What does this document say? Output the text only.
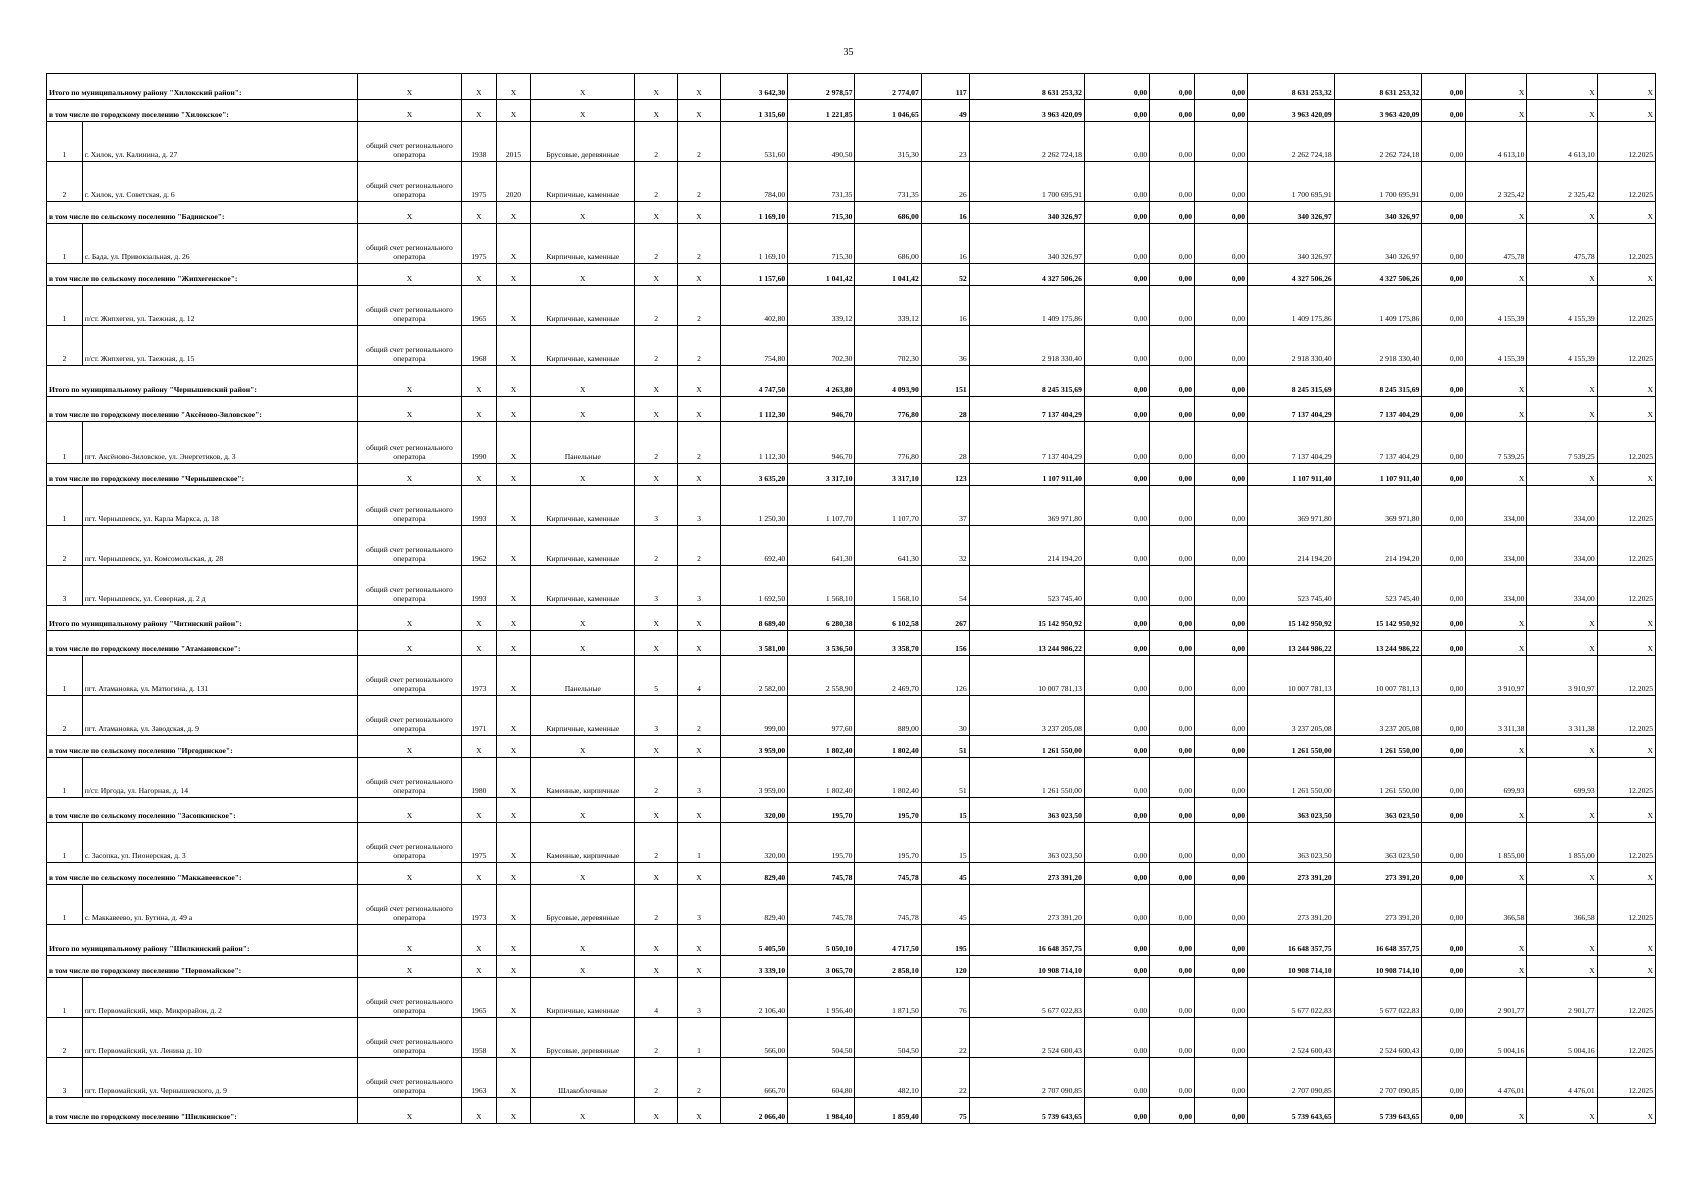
35
Итого по муниципальному району "Хилокский район":		X	X	X	X	X	X	3 642,30	2 978,57	2 774,07	117	8 631 253,32	0,00	0,00	0,00	8 631 253,32	8 631 253,32	0,00	X	X	X
в том числе по городскому поселению "Хилокское":		X	X	X	X	X	X	1 315,60	1 221,85	1 046,65	49	3 963 420,09	0,00	0,00	0,00	3 963 420,09	3 963 420,09	0,00	X	X	X
1	г. Хилок, ул. Калинина, д. 27	общий счет регионального оператора	1938	2015	Брусовые, деревянные	2	2	531,60	490,50	315,30	23	2 262 724,18	0,00	0,00	0,00	2 262 724,18	2 262 724,18	0,00	4 613,10	4 613,10	12.2025
2	г. Хилок, ул. Советская, д. 6	общий счет регионального оператора	1975	2020	Кирпичные, каменные	2	2	784,00	731,35	731,35	26	1 700 695,91	0,00	0,00	0,00	1 700 695,91	1 700 695,91	0,00	2 325,42	2 325,42	12.2025
в том числе по сельскому поселению "Бадинское":		X	X	X	X	X	X	1 169,10	715,30	686,00	16	340 326,97	0,00	0,00	0,00	340 326,97	340 326,97	0,00	X	X	X
1	с. Бада, ул. Привокзальная, д. 26	общий счет регионального оператора	1975	X	Кирпичные, каменные	2	2	1 169,10	715,30	686,00	16	340 326,97	0,00	0,00	0,00	340 326,97	340 326,97	0,00	475,78	475,78	12.2025
в том числе по сельскому поселению "Жипхегенское":		X	X	X	X	X	X	1 157,60	1 041,42	1 041,42	52	4 327 506,26	0,00	0,00	0,00	4 327 506,26	4 327 506,26	0,00	X	X	X
1	п/ст. Жипхеген, ул. Таежная, д. 12	общий счет регионального оператора	1965	X	Кирпичные, каменные	2	2	402,80	339,12	339,12	16	1 409 175,86	0,00	0,00	0,00	1 409 175,86	1 409 175,86	0,00	4 155,39	4 155,39	12.2025
2	п/ст. Жипхеген, ул. Таежная, д. 15	общий счет регионального оператора	1968	X	Кирпичные, каменные	2	2	754,80	702,30	702,30	36	2 918 330,40	0,00	0,00	0,00	2 918 330,40	2 918 330,40	0,00	4 155,39	4 155,39	12.2025
Итого по муниципальному району "Чернышевский район":		X	X	X	X	X	X	4 747,50	4 263,80	4 093,90	151	8 245 315,69	0,00	0,00	0,00	8 245 315,69	8 245 315,69	0,00	X	X	X
в том числе по городскому поселению "Аксёново-Зиловское":		X	X	X	X	X	X	1 112,30	946,70	776,80	28	7 137 404,29	0,00	0,00	0,00	7 137 404,29	7 137 404,29	0,00	X	X	X
1	пгт. Аксёново-Зиловское, ул. Энергетиков, д. 3	общий счет регионального оператора	1990	X	Панельные	2	2	1 112,30	946,70	776,80	28	7 137 404,29	0,00	0,00	0,00	7 137 404,29	7 137 404,29	0,00	7 539,25	7 539,25	12.2025
в том числе по городскому поселению "Чернышевское":		X	X	X	X	X	X	3 635,20	3 317,10	3 317,10	123	1 107 911,40	0,00	0,00	0,00	1 107 911,40	1 107 911,40	0,00	X	X	X
1	пгт. Чернышевск, ул. Карла Маркса, д. 18	общий счет регионального оператора	1993	X	Кирпичные, каменные	3	3	1 250,30	1 107,70	1 107,70	37	369 971,80	0,00	0,00	0,00	369 971,80	369 971,80	0,00	334,00	334,00	12.2025
2	пгт. Чернышевск, ул. Комсомольская, д. 28	общий счет регионального оператора	1962	X	Кирпичные, каменные	2	2	692,40	641,30	641,30	32	214 194,20	0,00	0,00	0,00	214 194,20	214 194,20	0,00	334,00	334,00	12.2025
3	пгт. Чернышевск, ул. Северная, д. 2 д	общий счет регионального оператора	1993	X	Кирпичные, каменные	3	3	1 692,50	1 568,10	1 568,10	54	523 745,40	0,00	0,00	0,00	523 745,40	523 745,40	0,00	334,00	334,00	12.2025
Итого по муниципальному району "Читинский район":		X	X	X	X	X	X	8 689,40	6 280,38	6 102,58	267	15 142 950,92	0,00	0,00	0,00	15 142 950,92	15 142 950,92	0,00	X	X	X
в том числе по городскому поселению "Атамановское":		X	X	X	X	X	X	3 581,00	3 536,50	3 358,70	156	13 244 986,22	0,00	0,00	0,00	13 244 986,22	13 244 986,22	0,00	X	X	X
1	пгт. Атамановка, ул. Матюгина, д. 131	общий счет регионального оператора	1973	X	Панельные	5	4	2 582,00	2 558,90	2 469,70	126	10 007 781,13	0,00	0,00	0,00	10 007 781,13	10 007 781,13	0,00	3 910,97	3 910,97	12.2025
2	пгт. Атамановка, ул. Заводская, д. 9	общий счет регионального оператора	1971	X	Кирпичные, каменные	3	2	999,00	977,60	889,00	30	3 237 205,08	0,00	0,00	0,00	3 237 205,08	3 237 205,08	0,00	3 311,38	3 311,38	12.2025
в том числе по сельскому поселению "Иргодинское":		X	X	X	X	X	X	3 959,00	1 802,40	1 802,40	51	1 261 550,00	0,00	0,00	0,00	1 261 550,00	1 261 550,00	0,00	X	X	X
1	п/ст. Иргода, ул. Нагорная, д. 14	общий счет регионального оператора	1980	X	Каменные, кирпичные	2	3	3 959,00	1 802,40	1 802,40	51	1 261 550,00	0,00	0,00	0,00	1 261 550,00	1 261 550,00	0,00	699,93	699,93	12.2025
в том числе по сельскому поселению "Засопкинское":		X	X	X	X	X	X	320,00	195,70	195,70	15	363 023,50	0,00	0,00	0,00	363 023,50	363 023,50	0,00	X	X	X
1	с. Засопка, ул. Пионерская, д. 3	общий счет регионального оператора	1975	X	Каменные, кирпичные	2	1	320,00	195,70	195,70	15	363 023,50	0,00	0,00	0,00	363 023,50	363 023,50	0,00	1 855,00	1 855,00	12.2025
в том числе по сельскому поселению "Маккавеевское":		X	X	X	X	X	X	829,40	745,78	745,78	45	273 391,20	0,00	0,00	0,00	273 391,20	273 391,20	0,00	X	X	X
1	с. Маккавеево, ул. Бутина, д. 49 а	общий счет регионального оператора	1973	X	Брусовые, деревянные	2	3	829,40	745,78	745,78	45	273 391,20	0,00	0,00	0,00	273 391,20	273 391,20	0,00	366,58	366,58	12.2025
Итого по муниципальному району "Шилкинский район":		X	X	X	X	X	X	5 405,50	5 050,10	4 717,50	195	16 648 357,75	0,00	0,00	0,00	16 648 357,75	16 648 357,75	0,00	X	X	X
в том числе по городскому поселению "Первомайское":		X	X	X	X	X	X	3 339,10	3 065,70	2 858,10	120	10 908 714,10	0,00	0,00	0,00	10 908 714,10	10 908 714,10	0,00	X	X	X
1	пгт. Первомайский, мкр. Микрорайон, д. 2	общий счет регионального оператора	1965	X	Кирпичные, каменные	4	3	2 106,40	1 956,40	1 871,50	76	5 677 022,83	0,00	0,00	0,00	5 677 022,83	5 677 022,83	0,00	2 901,77	2 901,77	12.2025
2	пгт. Первомайский, ул. Ленина д. 10	общий счет регионального оператора	1958	X	Брусовые, деревянные	2	1	566,00	504,50	504,50	22	2 524 600,43	0,00	0,00	0,00	2 524 600,43	2 524 600,43	0,00	5 004,16	5 004,16	12.2025
3	пгт. Первомайский, ул. Чернышевского, д. 9	общий счет регионального оператора	1963	X	Шлакоблочные	2	2	666,70	604,80	482,10	22	2 707 090,85	0,00	0,00	0,00	2 707 090,85	2 707 090,85	0,00	4 476,01	4 476,01	12.2025
в том числе по городскому поселению "Шилкинское":		X	X	X	X	X	X	2 066,40	1 984,40	1 859,40	75	5 739 643,65	0,00	0,00	0,00	5 739 643,65	5 739 643,65	0,00	X	X	X
